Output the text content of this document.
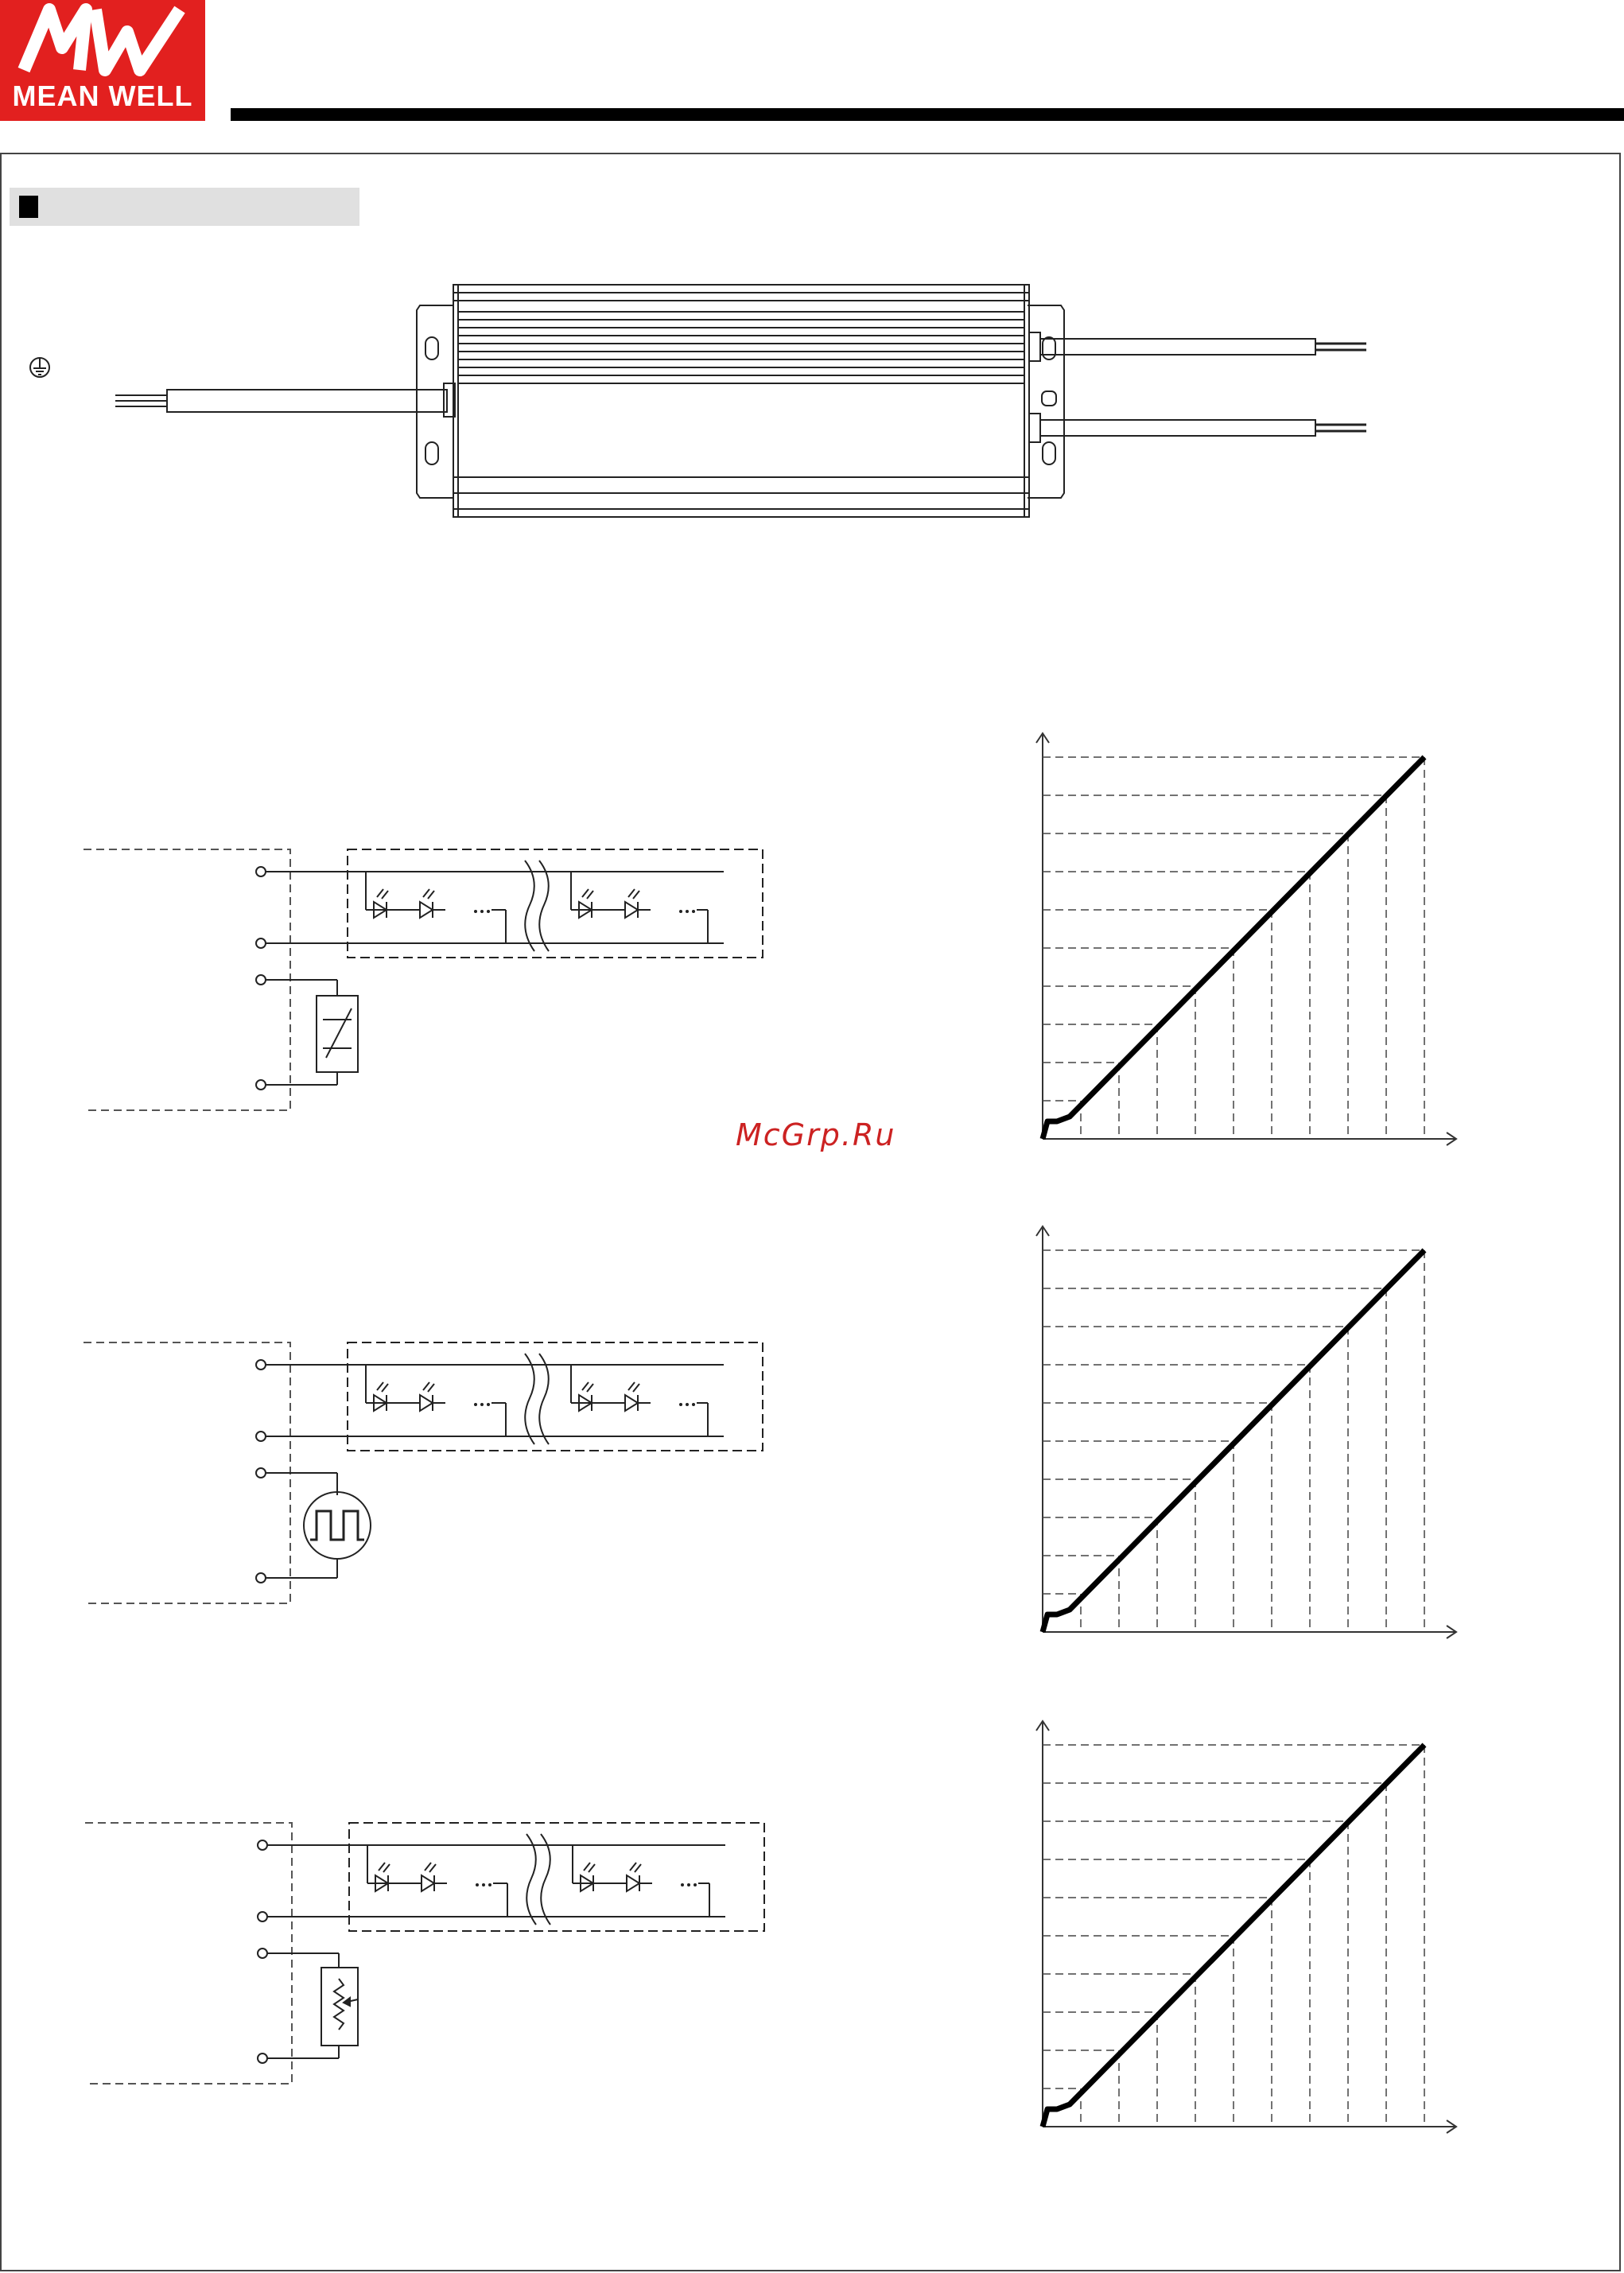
MEAN WELL
McGrp.Ru
